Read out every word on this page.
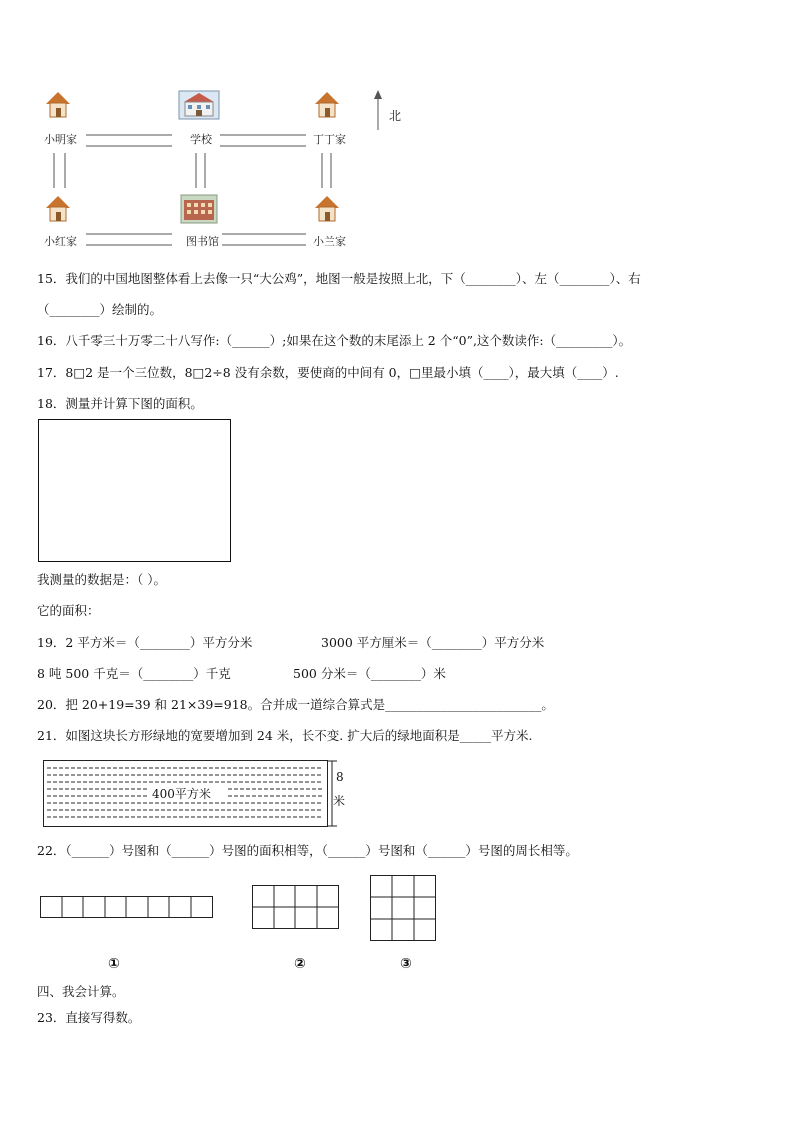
北
小明家	学校	丁丁家
小红家	图书馆	小兰家
15．我们的中国地图整体看上去像一只“大公鸡”，地图一般是按照上北，下（________）、左（________）、右
（________）绘制的。
16．八千零三十万零二十八写作:（______）;如果在这个数的末尾添上 2 个“0”,这个数读作:（_________）。
17．8□2 是一个三位数，8□2÷8 没有余数，要使商的中间有 0，□里最小填（____），最大填（____）.
18．测量并计算下图的面积。
我测量的数据是：（ ）。
它的面积：
19．2 平方米＝（________）平方分米	3000 平方厘米＝（________）平方分米
8 吨 500 千克＝（________）千克	500 分米＝（________）米
20．把 20+19=39 和 21×39=918。合并成一道综合算式是_________________________。
21．如图这块长方形绿地的宽要增加到 24 米，长不变. 扩大后的绿地面积是_____平方米.
400平方米
8
米
22．（______）号图和（______）号图的面积相等，（______）号图和（______）号图的周长相等。
①	②	③
四、我会计算。
23．直接写得数。
